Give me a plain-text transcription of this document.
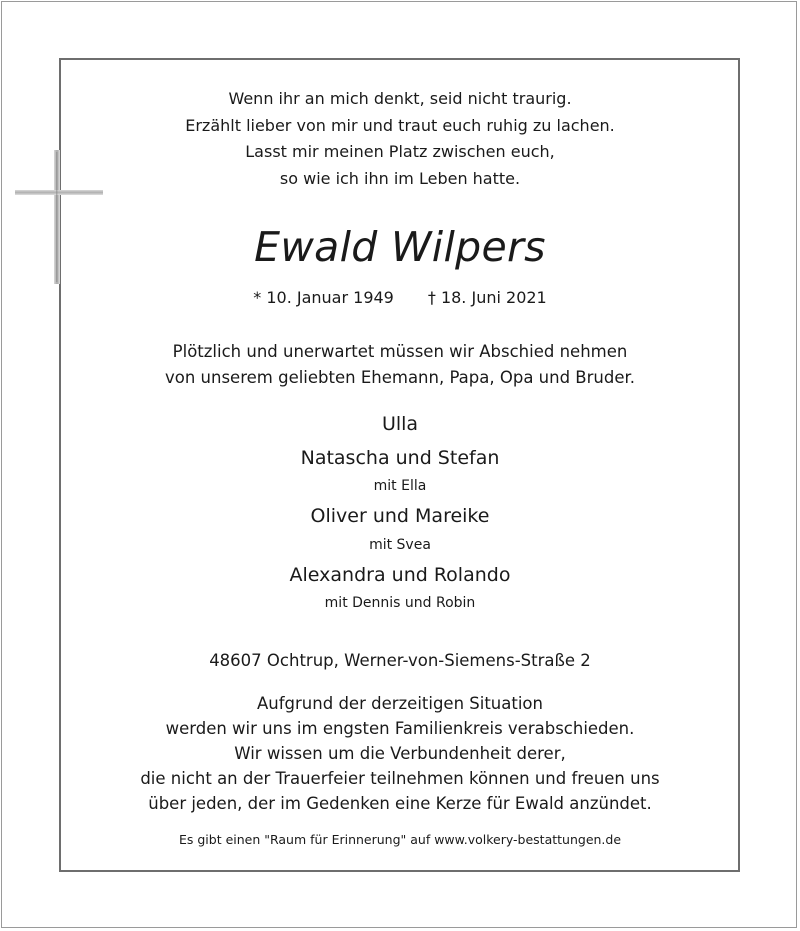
Wenn ihr an mich denkt, seid nicht traurig.
Erzählt lieber von mir und traut euch ruhig zu lachen.
Lasst mir meinen Platz zwischen euch,
so wie ich ihn im Leben hatte.
Ewald Wilpers
* 10. Januar 1949 † 18. Juni 2021
Plötzlich und unerwartet müssen wir Abschied nehmen
von unserem geliebten Ehemann, Papa, Opa und Bruder.
Ulla
Natascha und Stefan
mit Ella
Oliver und Mareike
mit Svea
Alexandra und Rolando
mit Dennis und Robin
48607 Ochtrup, Werner-von-Siemens-Straße 2
Aufgrund der derzeitigen Situation
werden wir uns im engsten Familienkreis verabschieden.
Wir wissen um die Verbundenheit derer,
die nicht an der Trauerfeier teilnehmen können und freuen uns
über jeden, der im Gedenken eine Kerze für Ewald anzündet.
Es gibt einen "Raum für Erinnerung" auf www.volkery-bestattungen.de
